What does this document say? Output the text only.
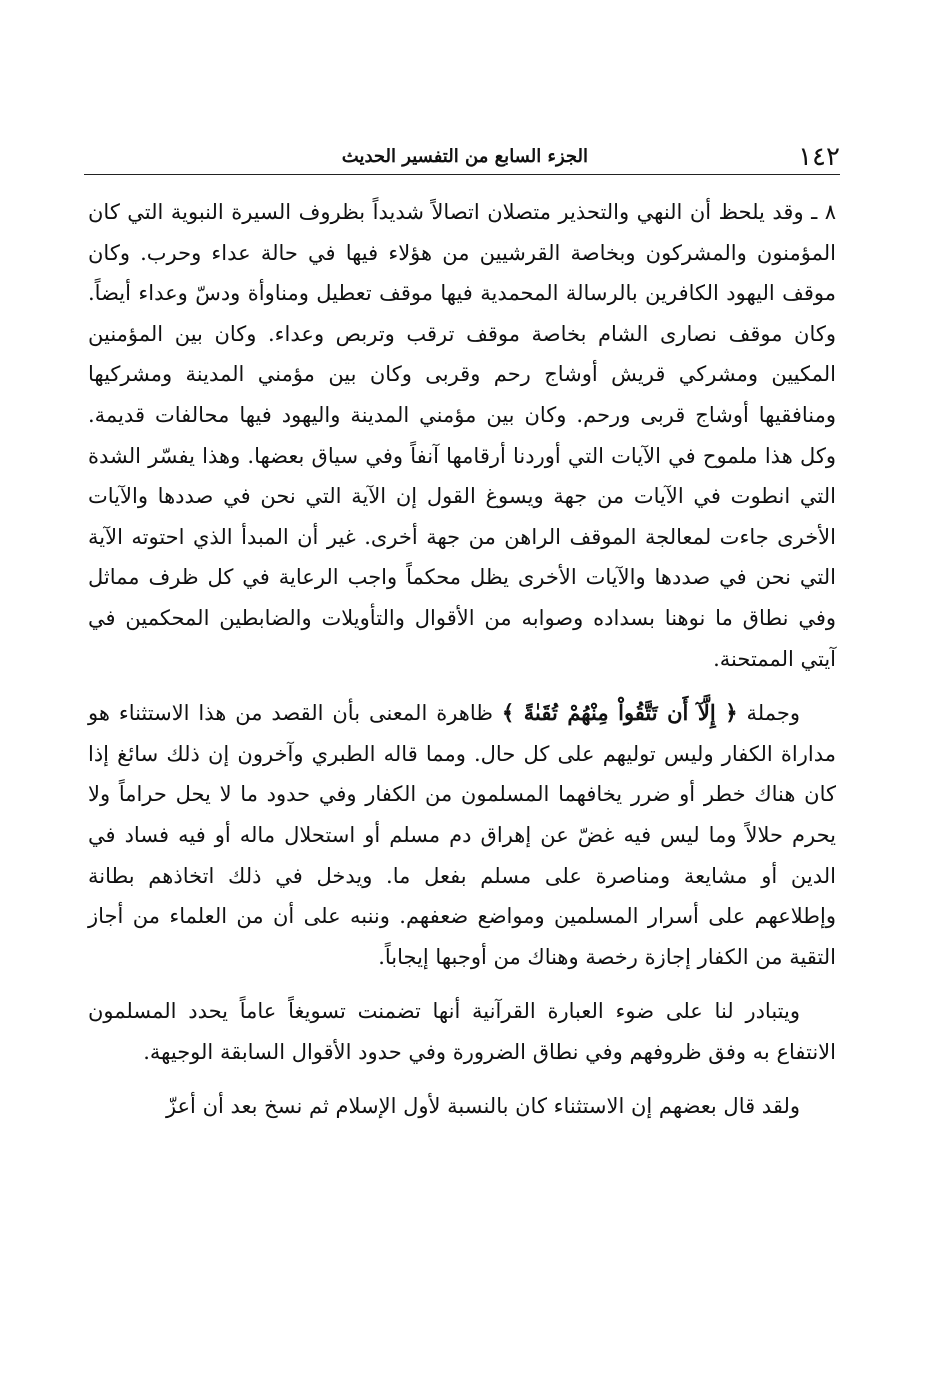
١٤٢
الجزء السابع من التفسير الحديث

٨ ـ وقد يلحظ أن النهي والتحذير متصلان اتصالاً شديداً بظروف السيرة النبوية التي كان المؤمنون والمشركون وبخاصة القرشيين من هؤلاء فيها في حالة عداء وحرب. وكان موقف اليهود الكافرين بالرسالة المحمدية فيها موقف تعطيل ومناوأة ودسّ وعداء أيضاً. وكان موقف نصارى الشام بخاصة موقف ترقب وتربص وعداء. وكان بين المؤمنين المكيين ومشركي قريش أوشاج رحم وقربى وكان بين مؤمني المدينة ومشركيها ومنافقيها أوشاج قربى ورحم. وكان بين مؤمني المدينة واليهود فيها محالفات قديمة. وكل هذا ملموح في الآيات التي أوردنا أرقامها آنفاً وفي سياق بعضها. وهذا يفسّر الشدة التي انطوت في الآيات من جهة ويسوغ القول إن الآية التي نحن في صددها والآيات الأخرى جاءت لمعالجة الموقف الراهن من جهة أخرى. غير أن المبدأ الذي احتوته الآية التي نحن في صددها والآيات الأخرى يظل محكماً واجب الرعاية في كل ظرف مماثل وفي نطاق ما نوهنا بسداده وصوابه من الأقوال والتأويلات والضابطين المحكمين في آيتي الممتحنة.

وجملة ﴿ إِلَّآ أَن تَتَّقُواْ مِنْهُمْ تُقَىٰةً ﴾ ظاهرة المعنى بأن القصد من هذا الاستثناء هو مداراة الكفار وليس توليهم على كل حال. ومما قاله الطبري وآخرون إن ذلك سائغ إذا كان هناك خطر أو ضرر يخافهما المسلمون من الكفار وفي حدود ما لا يحل حراماً ولا يحرم حلالاً وما ليس فيه غضّ عن إهراق دم مسلم أو استحلال ماله أو فيه فساد في الدين أو مشايعة ومناصرة على مسلم بفعل ما. ويدخل في ذلك اتخاذهم بطانة وإطلاعهم على أسرار المسلمين ومواضع ضعفهم. وننبه على أن من العلماء من أجاز التقية من الكفار إجازة رخصة وهناك من أوجبها إيجاباً.

ويتبادر لنا على ضوء العبارة القرآنية أنها تضمنت تسويغاً عاماً يحدد المسلمون الانتفاع به وفق ظروفهم وفي نطاق الضرورة وفي حدود الأقوال السابقة الوجيهة.

ولقد قال بعضهم إن الاستثناء كان بالنسبة لأول الإسلام ثم نسخ بعد أن أعزّ
